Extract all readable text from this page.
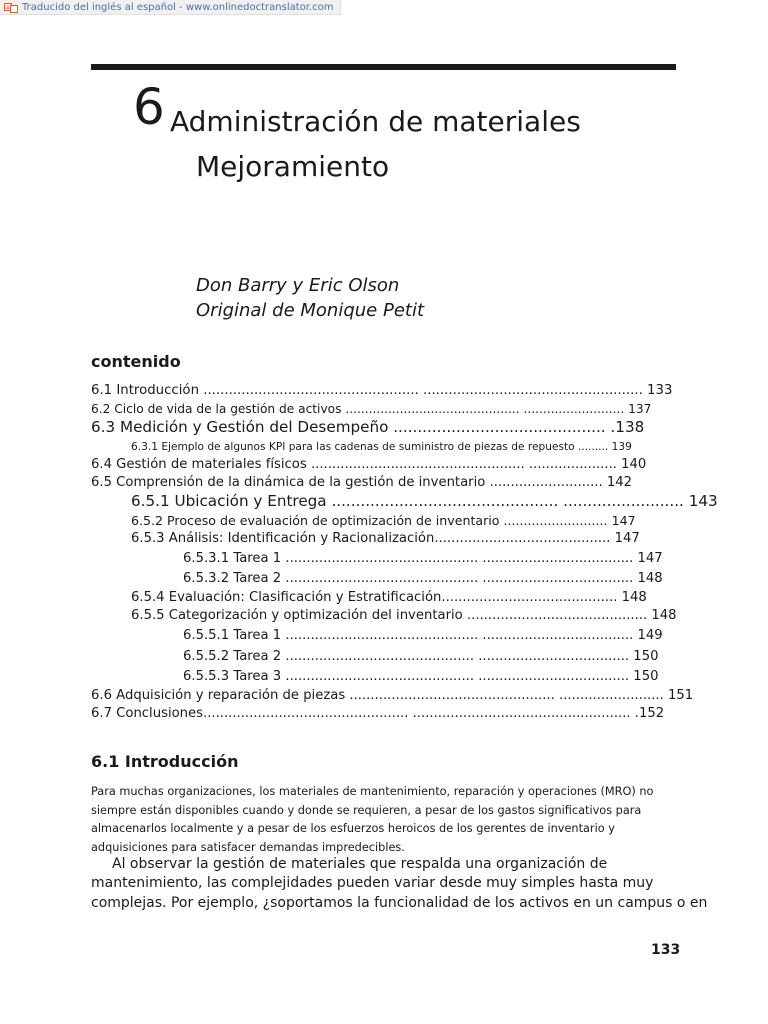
A Traducido del inglés al español - www.onlinedoctranslator.com
6 Administración de materiales
Mejoramiento
Don Barry y Eric Olson
Original de Monique Petit
contenido
6.1 Introducción ................................................... .................................................... 133
6.2 Ciclo de vida de la gestión de activos ............................................. .......................... 137
6.3 Medición y Gestión del Desempeño ............................................ .138
6.3.1 Ejemplo de algunos KPI para las cadenas de suministro de piezas de repuesto ......... 139
6.4 Gestión de materiales físicos ................................................... ..................... 140
6.5 Comprensión de la dinámica de la gestión de inventario ........................... 142
6.5.1 Ubicación y Entrega ............................................... ......................... 143
6.5.2 Proceso de evaluación de optimización de inventario .......................... 147
6.5.3 Análisis: Identificación y Racionalización.......................................... 147
6.5.3.1 Tarea 1 .............................................. .................................... 147
6.5.3.2 Tarea 2 .............................................. .................................... 148
6.5.4 Evaluación: Clasificación y Estratificación.......................................... 148
6.5.5 Categorización y optimización del inventario ........................................... 148
6.5.5.1 Tarea 1 .............................................. .................................... 149
6.5.5.2 Tarea 2 ............................................. .................................... 150
6.5.5.3 Tarea 3 ............................................. .................................... 150
6.6 Adquisición y reparación de piezas ................................................. ......................... 151
6.7 Conclusiones................................................. .................................................... .152
6.1 Introducción
Para muchas organizaciones, los materiales de mantenimiento, reparación y operaciones (MRO) no
siempre están disponibles cuando y donde se requieren, a pesar de los gastos significativos para
almacenarlos localmente y a pesar de los esfuerzos heroicos de los gerentes de inventario y
adquisiciones para satisfacer demandas impredecibles.
Al observar la gestión de materiales que respalda una organización de
mantenimiento, las complejidades pueden variar desde muy simples hasta muy
complejas. Por ejemplo, ¿soportamos la funcionalidad de los activos en un campus o en
133
